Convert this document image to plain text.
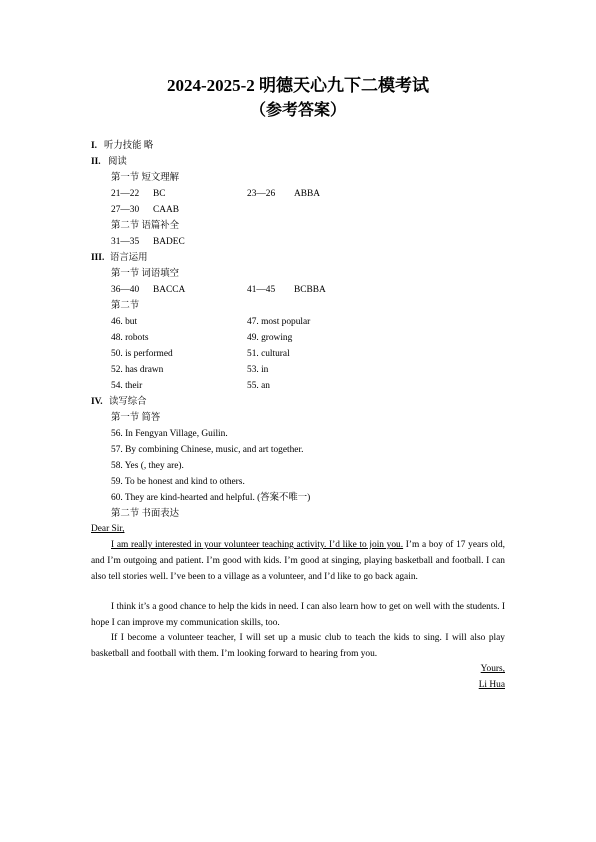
2024-2025-2 明德天心九下二模考试
（参考答案）
I. 听力技能 略
II. 阅读
第一节 短文理解
21—22 BC	23—26 ABBA
27—30 CAAB
第二节 语篇补全
31—35 BADEC
III. 语言运用
第一节 词语填空
36—40 BACCA	41—45 BCBBA
第二节
46. but	47. most popular
48. robots	49. growing
50. is performed	51. cultural
52. has drawn	53. in
54. their	55. an
IV. 读写综合
第一节 简答
56. In Fengyan Village, Guilin.
57. By combining Chinese, music, and art together.
58. Yes (, they are).
59. To be honest and kind to others.
60. They are kind-hearted and helpful. (答案不唯一)
第二节 书面表达
Dear Sir,

I am really interested in your volunteer teaching activity. I’d like to join you. I’m a boy of 17 years old, and I’m outgoing and patient. I’m good with kids. I’m good at singing, playing basketball and football. I can also tell stories well. I’ve been to a village as a volunteer, and I’d like to go back again.

I think it’s a good chance to help the kids in need. I can also learn how to get on well with the students. I hope I can improve my communication skills, too.

If I become a volunteer teacher, I will set up a music club to teach the kids to sing. I will also play basketball and football with them. I’m looking forward to hearing from you.

Yours,
Li Hua
